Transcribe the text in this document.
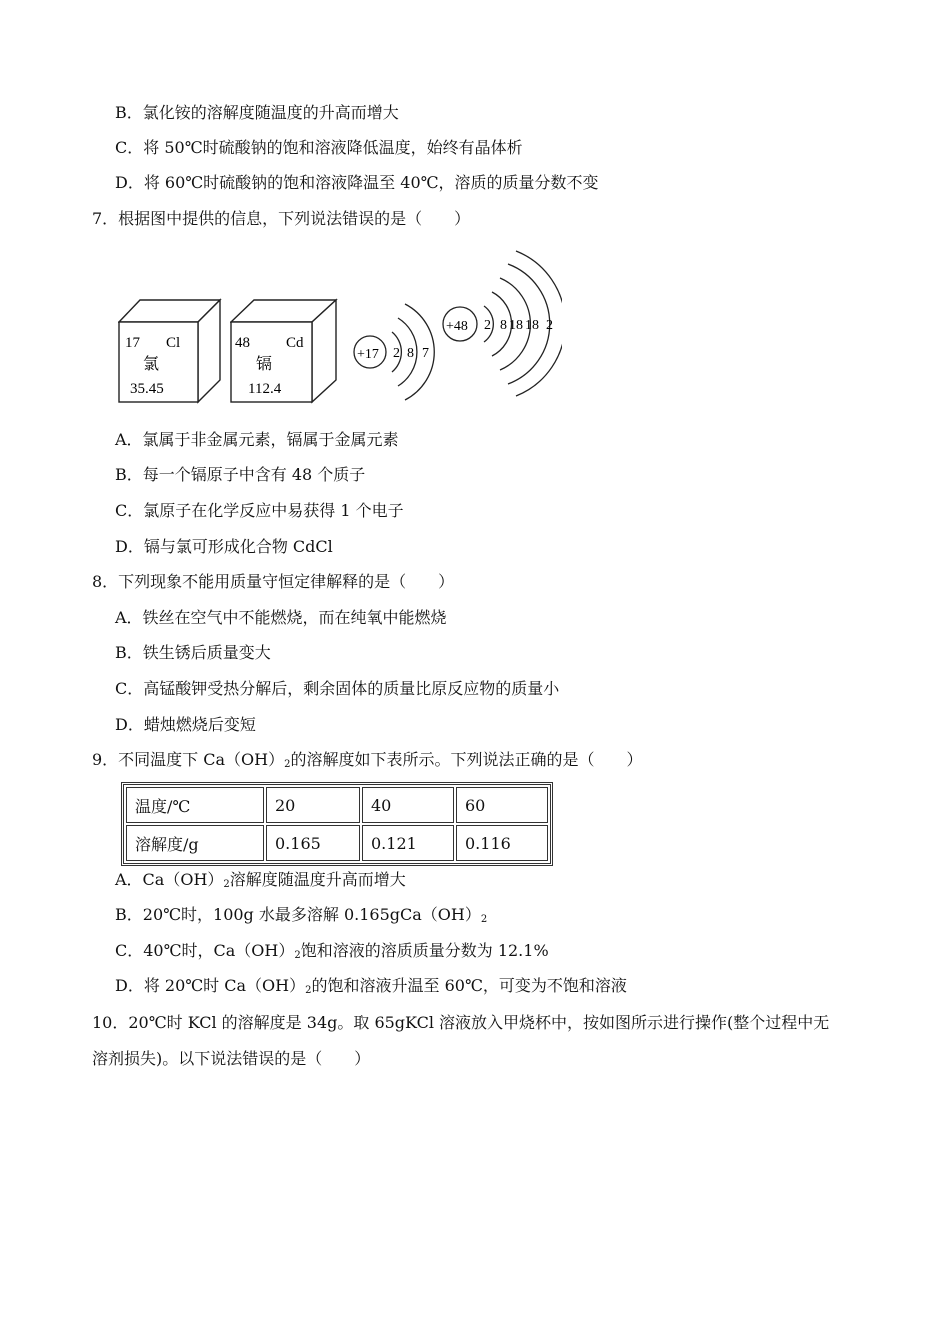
B．氯化铵的溶解度随温度的升高而增大
C．将 50℃时硫酸钠的饱和溶液降低温度，始终有晶体析
D．将 60℃时硫酸钠的饱和溶液降温至 40℃，溶质的质量分数不变
7．根据图中提供的信息，下列说法错误的是（　　）
17 Cl
氯
35.45
48 Cd
镉
112.4
+17 2 8 7
+48 2 8 18 18 2
A．氯属于非金属元素，镉属于金属元素
B．每一个镉原子中含有 48 个质子
C．氯原子在化学反应中易获得 1 个电子
D．镉与氯可形成化合物 CdCl
8．下列现象不能用质量守恒定律解释的是（　　）
A．铁丝在空气中不能燃烧，而在纯氧中能燃烧
B．铁生锈后质量变大
C．高锰酸钾受热分解后，剩余固体的质量比原反应物的质量小
D．蜡烛燃烧后变短
9．不同温度下 $Ca(OH)_2$的溶解度如下表所示。下列说法正确的是（　　）
温度/℃	20	40	60
溶解度/g	0.165	0.121	0.116
A．$Ca(OH)_2$溶解度随温度升高而增大
B．20℃时，100g 水最多溶解 $0.165gCa(OH)_2$
C．40℃时，$Ca(OH)_2$饱和溶液的溶质质量分数为 12.1%
D．将 20℃时 $Ca(OH)_2$的饱和溶液升温至 60℃，可变为不饱和溶液
10．20℃时 KCl 的溶解度是 34g。取 65gKCl 溶液放入甲烧杯中，按如图所示进行操作(整个过程中无
溶剂损失)。以下说法错误的是（　　）
